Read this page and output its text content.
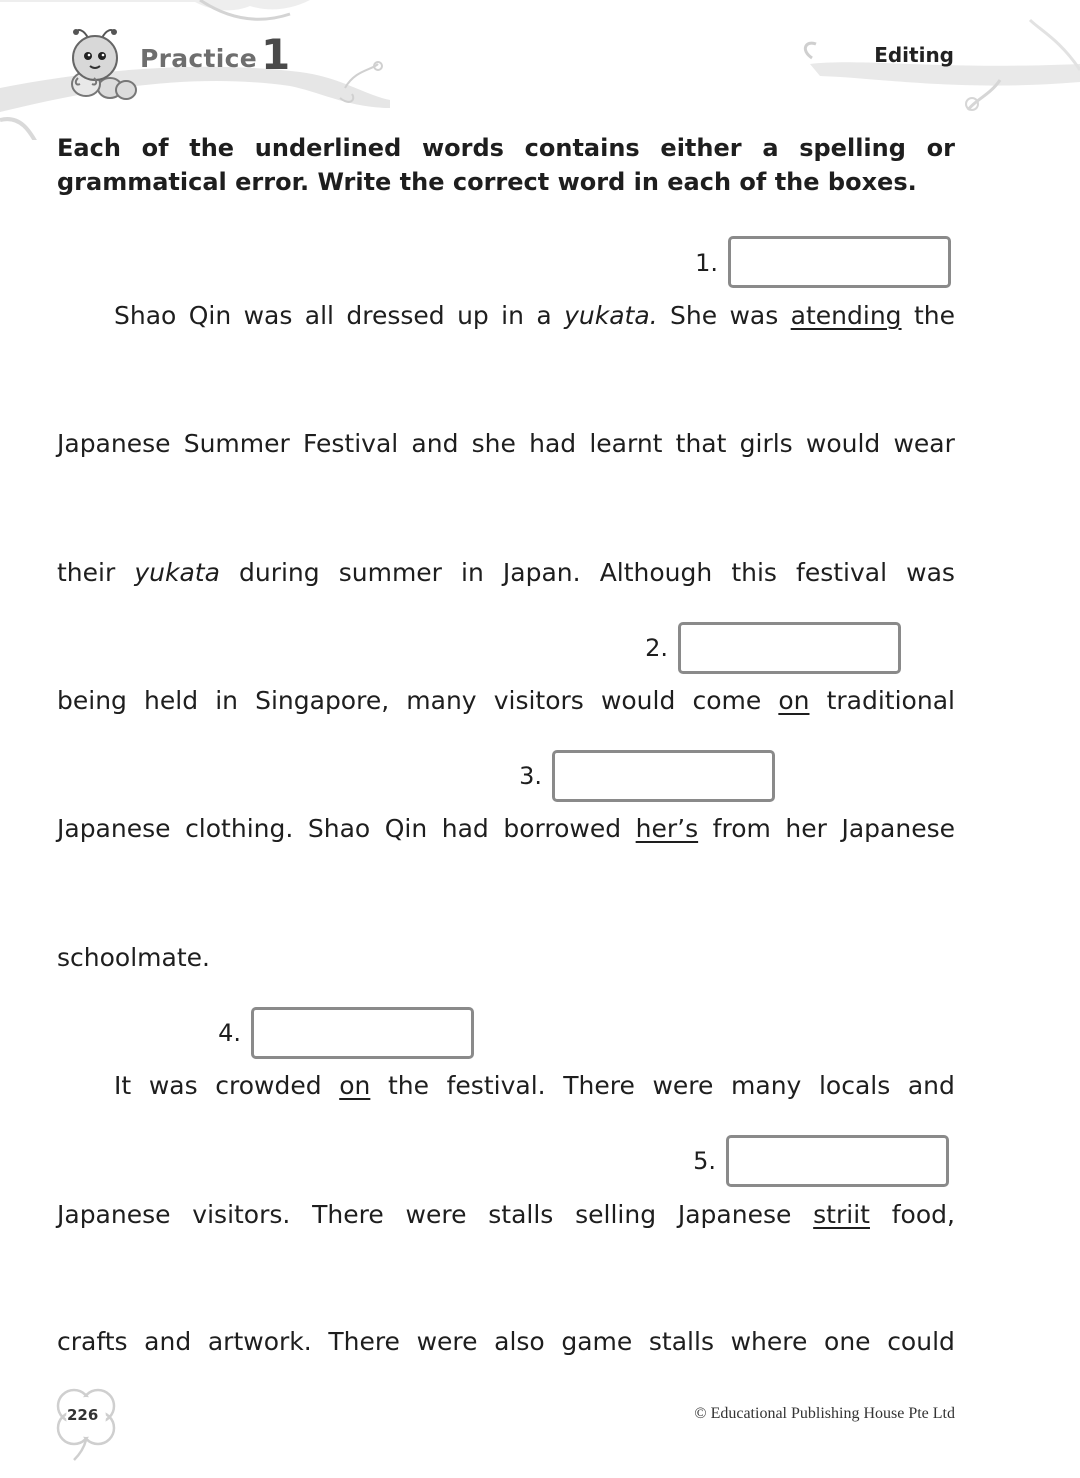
Practice 1	Editing
Each of the underlined words contains either a spelling or
grammatical error. Write the correct word in each of the boxes.
1.
2.
3.
4.
5.
Shao Qin was all dressed up in a yukata. She was atending the
Japanese Summer Festival and she had learnt that girls would wear
their yukata during summer in Japan. Although this festival was
being held in Singapore, many visitors would come on traditional
Japanese clothing. Shao Qin had borrowed her’s from her Japanese
schoolmate.
It was crowded on the festival. There were many locals and
Japanese visitors. There were stalls selling Japanese striit food,
crafts and artwork. There were also game stalls where one could
226	© Educational Publishing House Pte Ltd
